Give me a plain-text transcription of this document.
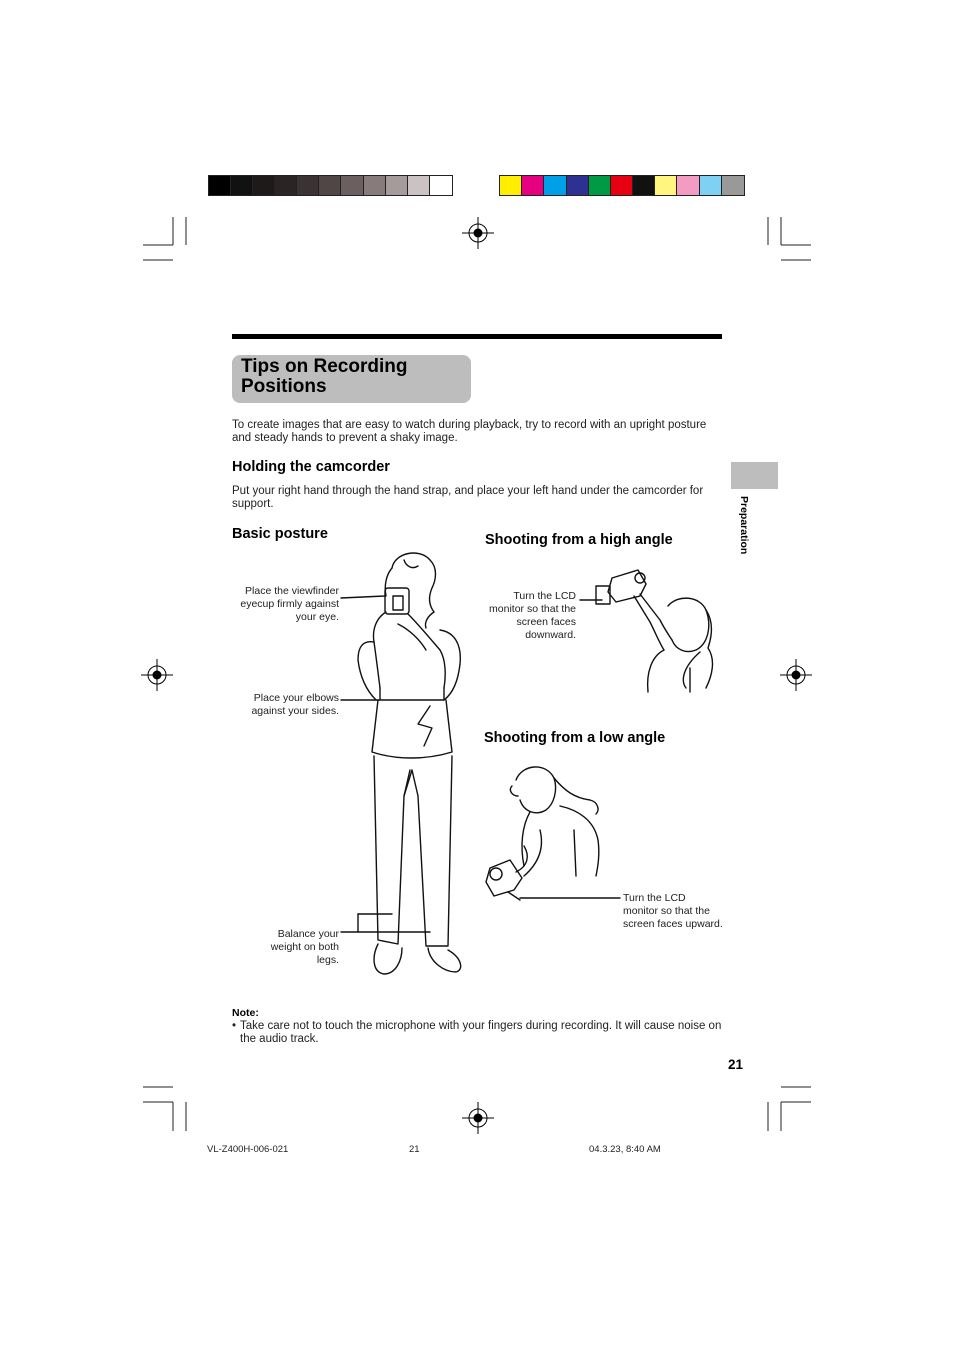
Tips on Recording Positions
To create images that are easy to watch during playback, try to record with an upright posture and steady hands to prevent a shaky image.
Holding the camcorder
Put your right hand through the hand strap, and place your left hand under the camcorder for support.
Basic posture	Shooting from a high angle
Shooting from a low angle
Place the viewfinder eyecup firmly against your eye.
Place your elbows against your sides.
Balance your weight on both legs.
Turn the LCD monitor so that the screen faces downward.
Turn the LCD monitor so that the screen faces upward.
Preparation
Note:
• Take care not to touch the microphone with your fingers during recording. It will cause noise on the audio track.
21
VL-Z400H-006-021	21	04.3.23, 8:40 AM
